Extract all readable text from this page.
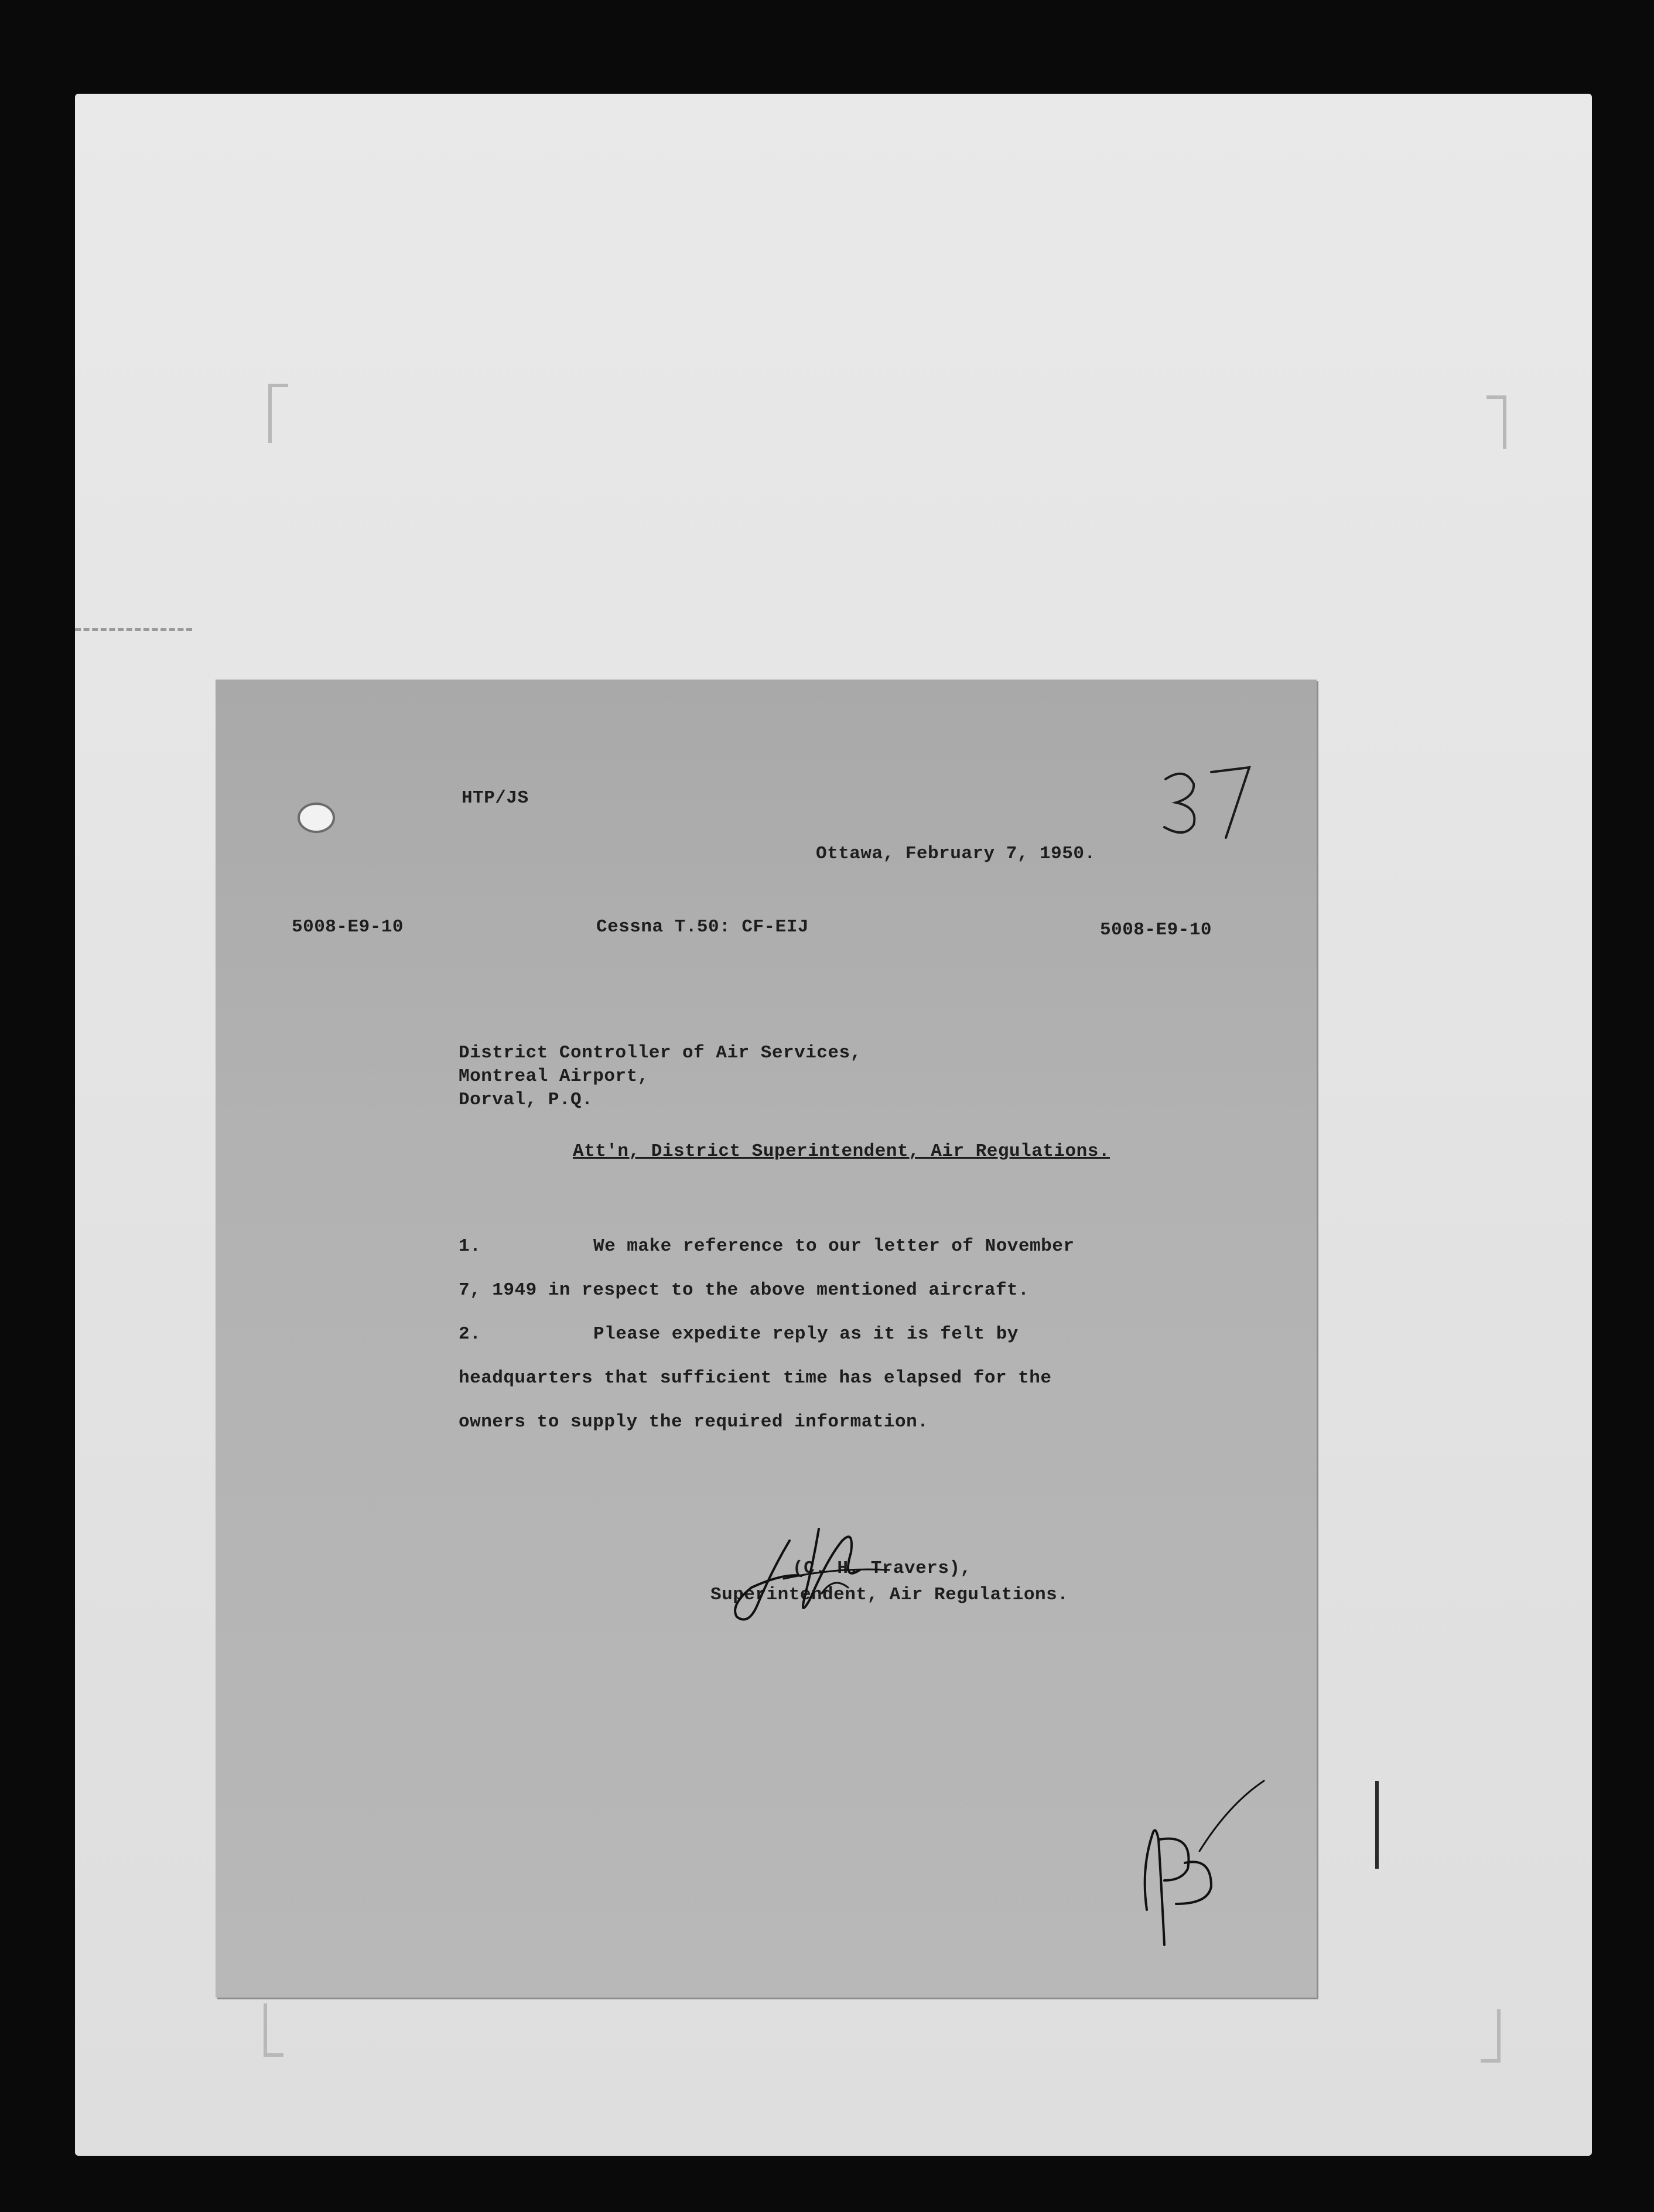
HTP/JS
Ottawa, February 7, 1950.
5008-E9-10	Cessna T.50: CF-EIJ	5008-E9-10
District Controller of Air Services,
Montreal Airport,
Dorval, P.Q.
Att'n, District Superintendent, Air Regulations.
1.	We make reference to our letter of November
7, 1949 in respect to the above mentioned aircraft.
2.	Please expedite reply as it is felt by
headquarters that sufficient time has elapsed for the
owners to supply the required information.
(C. H. Travers),
Superintendent, Air Regulations.
